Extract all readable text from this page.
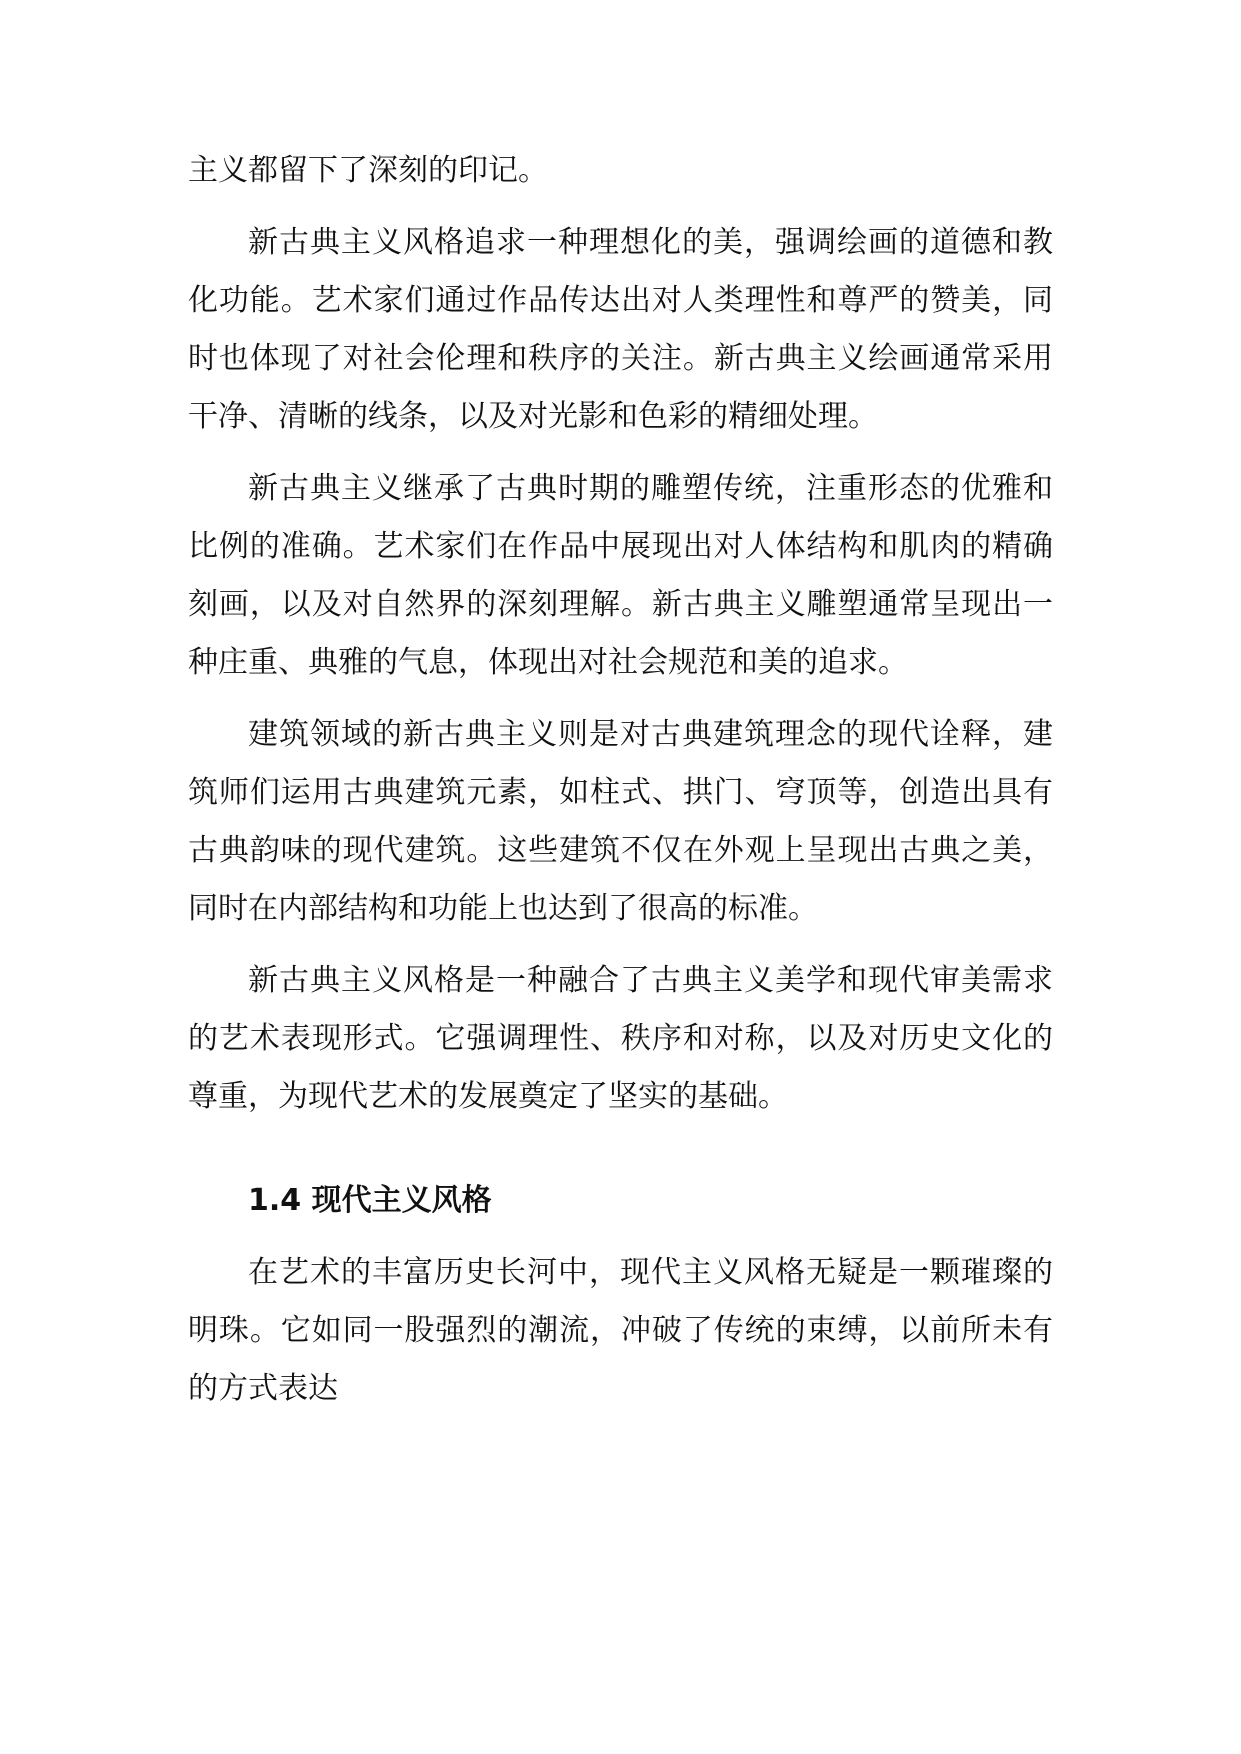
主义都留下了深刻的印记。

新古典主义风格追求一种理想化的美，强调绘画的道德和教化功能。艺术家们通过作品传达出对人类理性和尊严的赞美，同时也体现了对社会伦理和秩序的关注。新古典主义绘画通常采用干净、清晰的线条，以及对光影和色彩的精细处理。

新古典主义继承了古典时期的雕塑传统，注重形态的优雅和比例的准确。艺术家们在作品中展现出对人体结构和肌肉的精确刻画，以及对自然界的深刻理解。新古典主义雕塑通常呈现出一种庄重、典雅的气息，体现出对社会规范和美的追求。

建筑领域的新古典主义则是对古典建筑理念的现代诠释，建筑师们运用古典建筑元素，如柱式、拱门、穹顶等，创造出具有古典韵味的现代建筑。这些建筑不仅在外观上呈现出古典之美，同时在内部结构和功能上也达到了很高的标准。

新古典主义风格是一种融合了古典主义美学和现代审美需求的艺术表现形式。它强调理性、秩序和对称，以及对历史文化的尊重，为现代艺术的发展奠定了坚实的基础。

1.4 现代主义风格

在艺术的丰富历史长河中，现代主义风格无疑是一颗璀璨的明珠。它如同一股强烈的潮流，冲破了传统的束缚，以前所未有的方式表达
